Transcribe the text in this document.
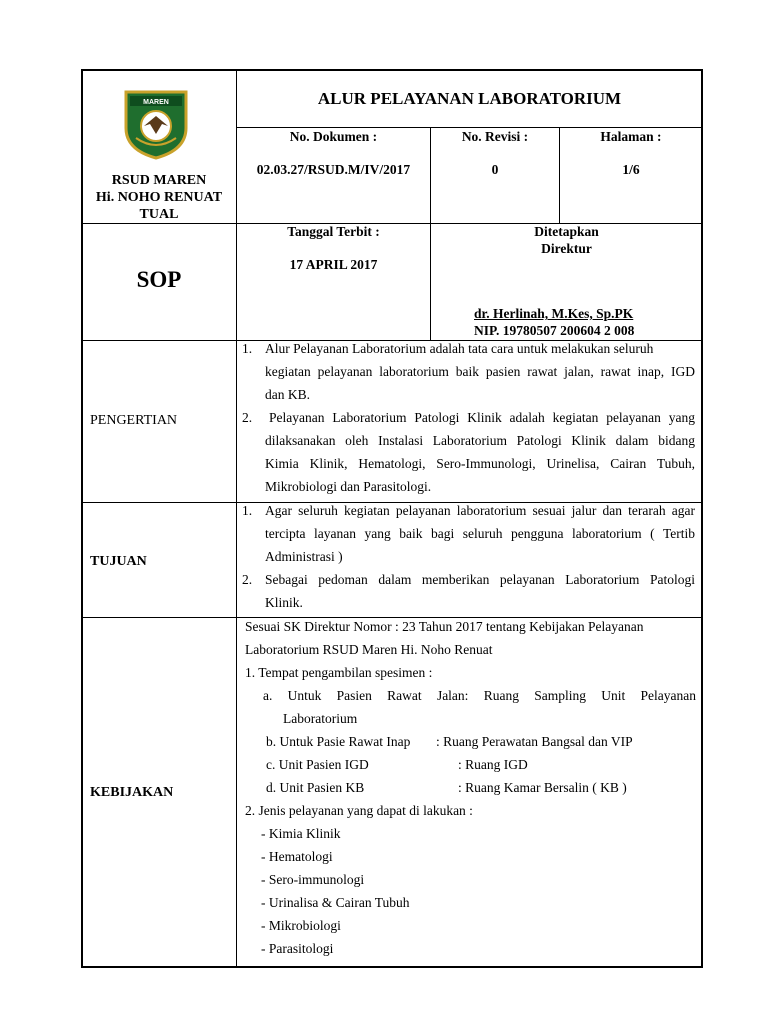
MAREN
RSUD MAREN
Hi. NOHO RENUAT
TUAL
ALUR PELAYANAN LABORATORIUM
No. Dokumen :
02.03.27/RSUD.M/IV/2017
No. Revisi :
0
Halaman :
1/6
SOP
Tanggal Terbit :
17 APRIL 2017
Ditetapkan
Direktur
dr. Herlinah, M.Kes, Sp.PK
NIP. 19780507 200604 2 008
PENGERTIAN
1. Alur Pelayanan Laboratorium adalah tata cara untuk melakukan seluruh
kegiatan pelayanan laboratorium baik pasien rawat jalan, rawat inap, IGD
dan KB.
2. Pelayanan Laboratorium Patologi Klinik adalah kegiatan pelayanan yang
dilaksanakan oleh Instalasi Laboratorium Patologi Klinik dalam bidang
Kimia Klinik, Hematologi, Sero-Immunologi, Urinelisa, Cairan Tubuh,
Mikrobiologi dan Parasitologi.
TUJUAN
1. Agar seluruh kegiatan pelayanan laboratorium sesuai jalur dan terarah agar
tercipta layanan yang baik bagi seluruh pengguna laboratorium ( Tertib
Administrasi )
2. Sebagai pedoman dalam memberikan pelayanan Laboratorium Patologi
Klinik.
KEBIJAKAN
Sesuai SK Direktur Nomor : 23 Tahun 2017 tentang Kebijakan Pelayanan
Laboratorium RSUD Maren Hi. Noho Renuat
1. Tempat pengambilan spesimen :
a. Untuk Pasien Rawat Jalan: Ruang Sampling Unit Pelayanan
Laboratorium
b. Untuk Pasie Rawat Inap : Ruang Perawatan Bangsal dan VIP
c. Unit Pasien IGD	: Ruang IGD
d. Unit Pasien KB	: Ruang Kamar Bersalin ( KB )
2. Jenis pelayanan yang dapat di lakukan :
- Kimia Klinik
- Hematologi
- Sero-immunologi
- Urinalisa & Cairan Tubuh
- Mikrobiologi
- Parasitologi
